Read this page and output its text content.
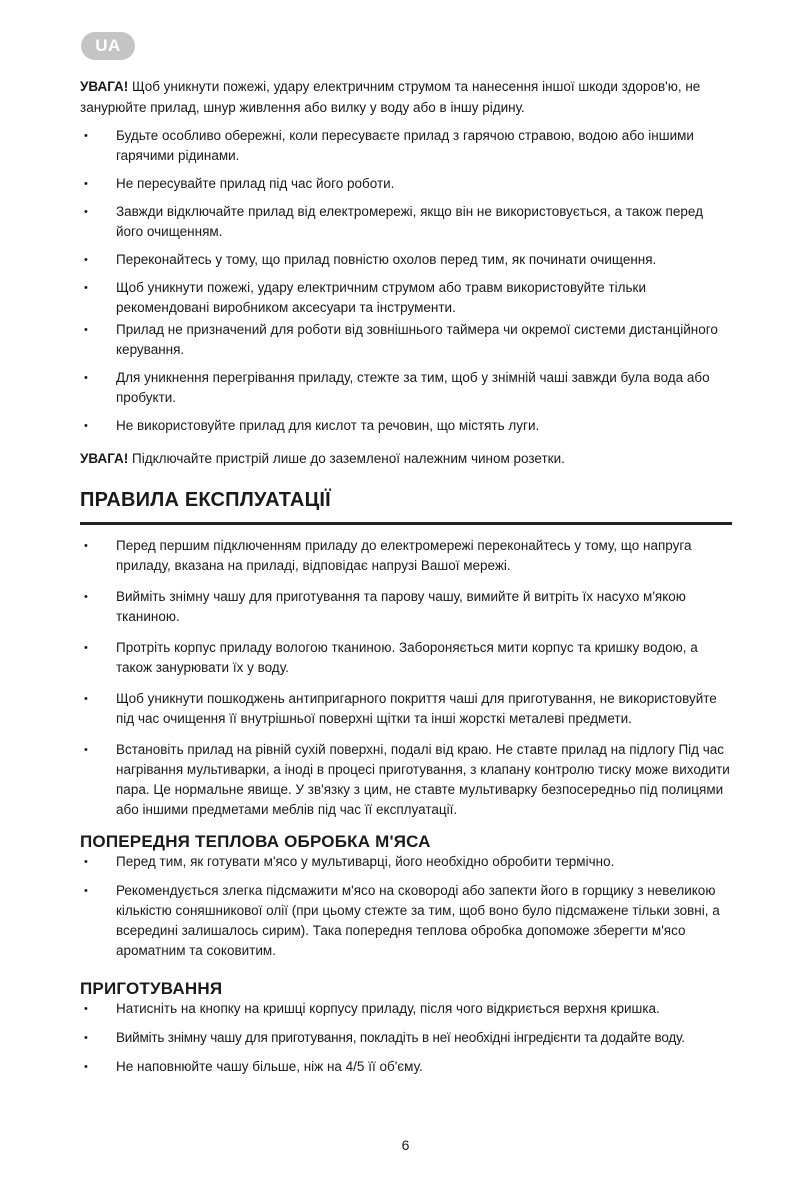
UA

УВАГА! Щоб уникнути пожежі, удару електричним струмом та нанесення іншої шкоди здоров'ю, не занурюйте прилад, шнур живлення або вилку у воду або в іншу рідину.

• Будьте особливо обережні, коли пересуваєте прилад з гарячою стравою, водою або іншими гарячими рідинами.
• Не пересувайте прилад під час його роботи.
• Завжди відключайте прилад від електромережі, якщо він не використовується, а також перед його очищенням.
• Переконайтесь у тому, що прилад повністю охолов перед тим, як починати очищення.
• Щоб уникнути пожежі, удару електричним струмом або травм використовуйте тільки рекомендовані виробником аксесуари та інструменти.
• Прилад не призначений для роботи від зовнішнього таймера чи окремої системи дистанційного керування.
• Для уникнення перегрівання приладу, стежте за тим, щоб у знімній чаші завжди була вода або пробукти.
• Не використовуйте прилад для кислот та речовин, що містять луги.

УВАГА! Підключайте пристрій лише до заземленої належним чином розетки.

ПРАВИЛА ЕКСПЛУАТАЦІЇ
• Перед першим підключенням приладу до електромережі переконайтесь у тому, що напруга приладу, вказана на приладі, відповідає напрузі Вашої мережі.
• Вийміть знімну чашу для приготування та парову чашу, вимийте й витріть їх насухо м'якою тканиною.
• Протріть корпус приладу вологою тканиною. Забороняється мити корпус та кришку водою, а також занурювати їх у воду.
• Щоб уникнути пошкоджень антипригарного покриття чаші для приготування, не використовуйте під час очищення її внутрішньої поверхні щітки та інші жорсткі металеві предмети.
• Встановіть прилад на рівній сухій поверхні, подалі від краю. Не ставте прилад на підлогу Під час нагрівання мультиварки, а іноді в процесі приготування, з клапану контролю тиску може виходити пара. Це нормальне явище. У зв'язку з цим, не ставте мультиварку безпосередньо під полицями або іншими предметами меблів під час її експлуатації.
ПОПЕРЕДНЯ ТЕПЛОВА ОБРОБКА М'ЯСА
• Перед тим, як готувати м'ясо у мультиварці, його необхідно обробити термічно.
• Рекомендується злегка підсмажити м'ясо на сковороді або запекти його в горщику з невеликою кількістю соняшникової олії (при цьому стежте за тим, щоб воно було підсмажене тільки зовні, а всередині залишалось сирим). Така попередня теплова обробка допоможе зберегти м'ясо ароматним та соковитим.
ПРИГОТУВАННЯ
• Натисніть на кнопку на кришці корпусу приладу, після чого відкриється верхня кришка.
• Вийміть знімну чашу для приготування, покладіть в неї необхідні інгредієнти та додайте воду.
• Не наповнюйте чашу більше, ніж на 4/5 її об'єму.
6
